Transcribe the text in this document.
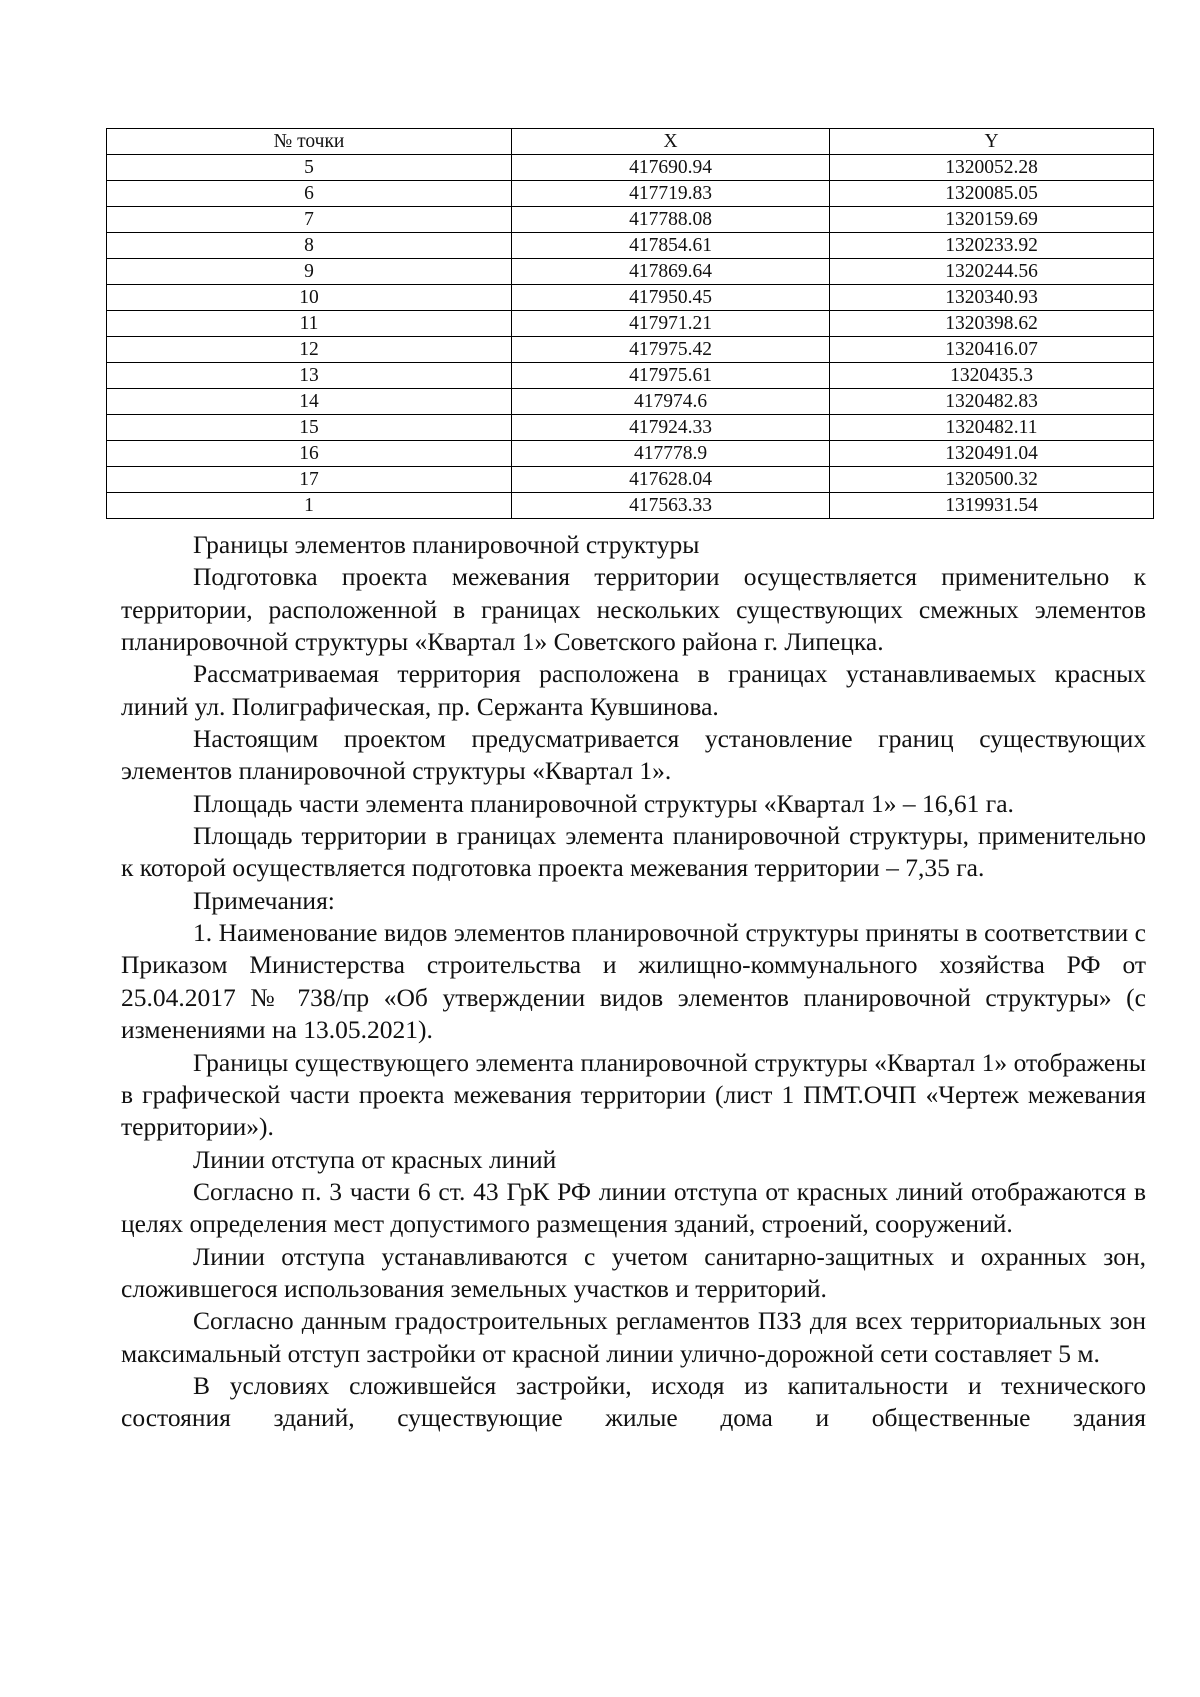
№ точки	X	Y
5	417690.94	1320052.28
6	417719.83	1320085.05
7	417788.08	1320159.69
8	417854.61	1320233.92
9	417869.64	1320244.56
10	417950.45	1320340.93
11	417971.21	1320398.62
12	417975.42	1320416.07
13	417975.61	1320435.3
14	417974.6	1320482.83
15	417924.33	1320482.11
16	417778.9	1320491.04
17	417628.04	1320500.32
1	417563.33	1319931.54

Границы элементов планировочной структуры

Подготовка проекта межевания территории осуществляется применительно к территории, расположенной в границах нескольких существующих смежных элементов планировочной структуры «Квартал 1» Советского района г. Липецка.

Рассматриваемая территория расположена в границах устанавливаемых красных линий ул. Полиграфическая, пр. Сержанта Кувшинова.

Настоящим проектом предусматривается установление границ существующих элементов планировочной структуры «Квартал 1».

Площадь части элемента планировочной структуры «Квартал 1» – 16,61 га.

Площадь территории в границах элемента планировочной структуры, применительно к которой осуществляется подготовка проекта межевания территории – 7,35 га.

Примечания:

1. Наименование видов элементов планировочной структуры приняты в соответствии с Приказом Министерства строительства и жилищно-коммунального хозяйства РФ от 25.04.2017 № 738/пр «Об утверждении видов элементов планировочной структуры» (с изменениями на 13.05.2021).

Границы существующего элемента планировочной структуры «Квартал 1» отображены в графической части проекта межевания территории (лист 1 ПМТ.ОЧП «Чертеж межевания территории»).

Линии отступа от красных линий

Согласно п. 3 части 6 ст. 43 ГрК РФ линии отступа от красных линий отображаются в целях определения мест допустимого размещения зданий, строений, сооружений.

Линии отступа устанавливаются с учетом санитарно-защитных и охранных зон, сложившегося использования земельных участков и территорий.

Согласно данным градостроительных регламентов ПЗЗ для всех территориальных зон максимальный отступ застройки от красной линии улично-дорожной сети составляет 5 м.

В условиях сложившейся застройки, исходя из капитальности и технического состояния зданий, существующие жилые дома и общественные здания
